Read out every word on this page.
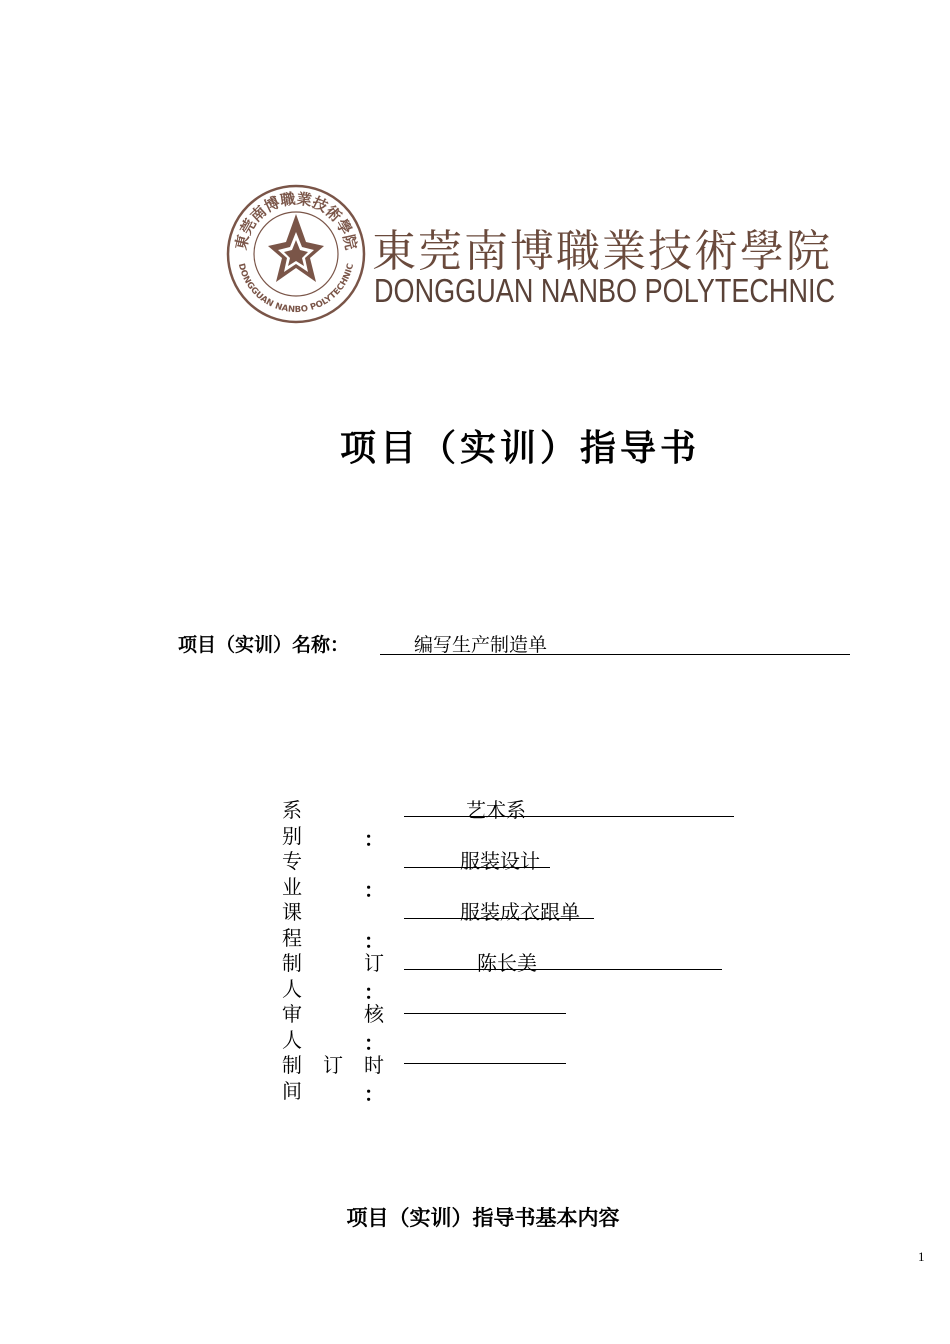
東莞南博職業技術學院
DONGGUAN NANBO POLYTECHNIC 東莞南博職業技術學院
DONGGUAN NANBO POLYTECHNIC
项目（实训）指导书
项目（实训）名称：	编写生产制造单
系
别	：
艺术系
专
业	：
服装设计
课
程	：
服装成衣跟单
制	订
人	：
陈长美
审	核
人	：
制 订 时
间	：
项目（实训）指导书基本内容
1
